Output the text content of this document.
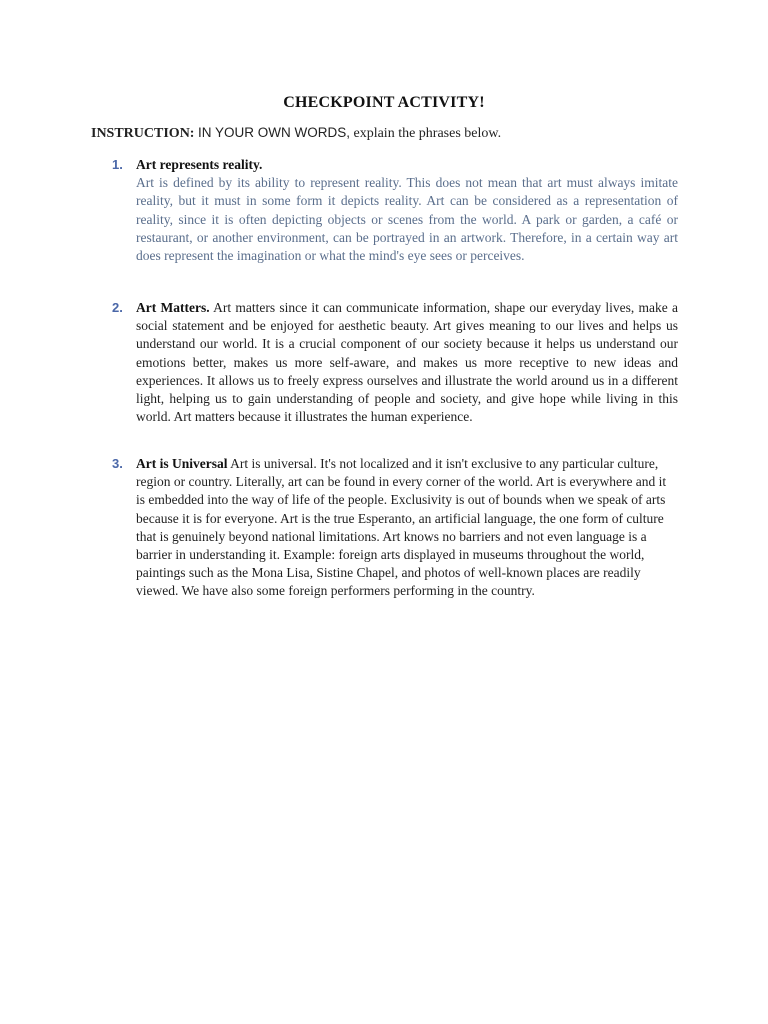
CHECKPOINT ACTIVITY!
INSTRUCTION: IN YOUR OWN WORDS, explain the phrases below.
1. Art represents reality.
Art is defined by its ability to represent reality. This does not mean that art must always imitate reality, but it must in some form it depicts reality. Art can be considered as a representation of reality, since it is often depicting objects or scenes from the world. A park or garden, a café or restaurant, or another environment, can be portrayed in an artwork. Therefore, in a certain way art does represent the imagination or what the mind's eye sees or perceives.
2. Art Matters. Art matters since it can communicate information, shape our everyday lives, make a social statement and be enjoyed for aesthetic beauty. Art gives meaning to our lives and helps us understand our world. It is a crucial component of our society because it helps us understand our emotions better, makes us more self-aware, and makes us more receptive to new ideas and experiences. It allows us to freely express ourselves and illustrate the world around us in a different light, helping us to gain understanding of people and society, and give hope while living in this world. Art matters because it illustrates the human experience.
3. Art is Universal Art is universal. It's not localized and it isn't exclusive to any particular culture, region or country. Literally, art can be found in every corner of the world. Art is everywhere and it is embedded into the way of life of the people. Exclusivity is out of bounds when we speak of arts because it is for everyone. Art is the true Esperanto, an artificial language, the one form of culture that is genuinely beyond national limitations. Art knows no barriers and not even language is a barrier in understanding it. Example: foreign arts displayed in museums throughout the world, paintings such as the Mona Lisa, Sistine Chapel, and photos of well-known places are readily viewed. We have also some foreign performers performing in the country.
